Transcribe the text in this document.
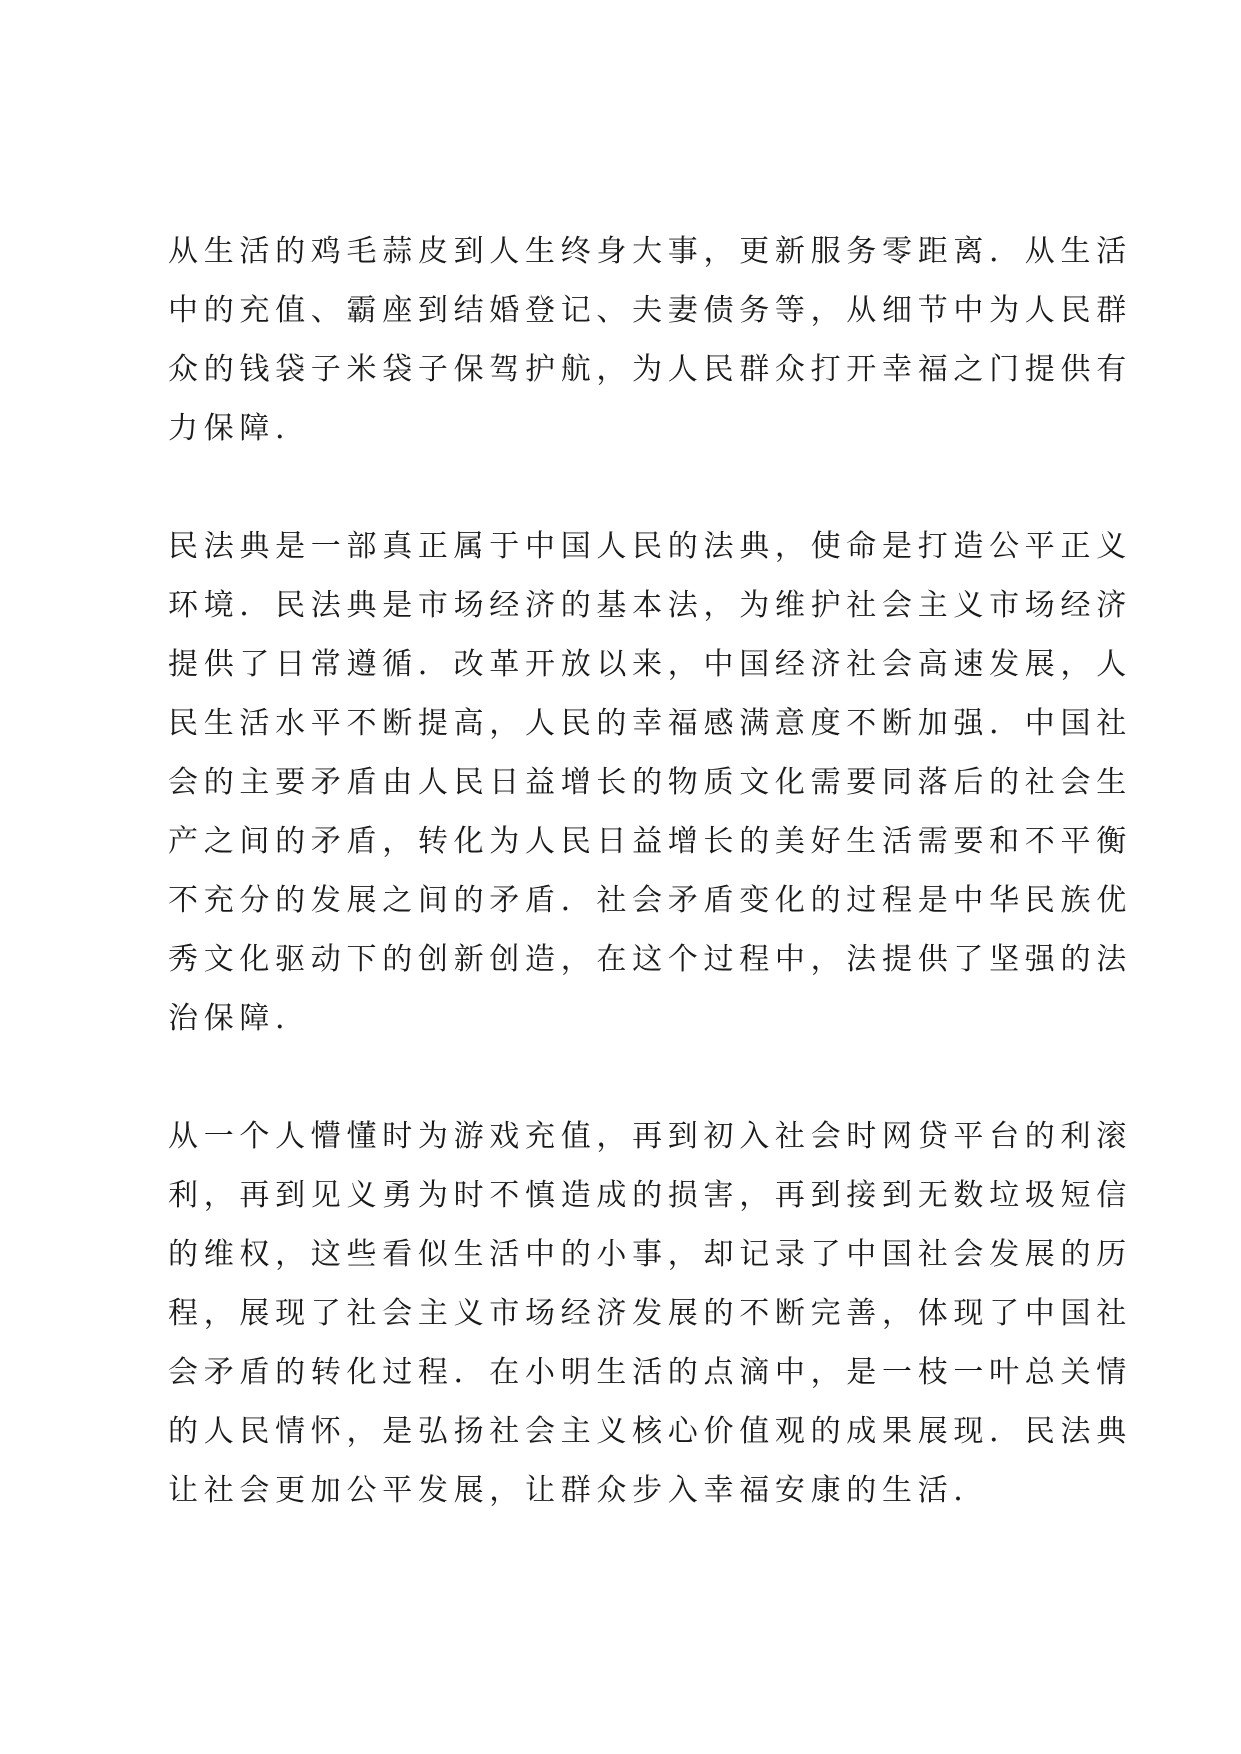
从生活的鸡毛蒜皮到人生终身大事，更新服务零距离．从生活
中的充值、霸座到结婚登记、夫妻债务等，从细节中为人民群
众的钱袋子米袋子保驾护航，为人民群众打开幸福之门提供有
力保障．

民法典是一部真正属于中国人民的法典，使命是打造公平正义
环境．民法典是市场经济的基本法，为维护社会主义市场经济
提供了日常遵循．改革开放以来，中国经济社会高速发展，人
民生活水平不断提高，人民的幸福感满意度不断加强．中国社
会的主要矛盾由人民日益增长的物质文化需要同落后的社会生
产之间的矛盾，转化为人民日益增长的美好生活需要和不平衡
不充分的发展之间的矛盾．社会矛盾变化的过程是中华民族优
秀文化驱动下的创新创造，在这个过程中，法提供了坚强的法
治保障．

从一个人懵懂时为游戏充值，再到初入社会时网贷平台的利滚
利，再到见义勇为时不慎造成的损害，再到接到无数垃圾短信
的维权，这些看似生活中的小事，却记录了中国社会发展的历
程，展现了社会主义市场经济发展的不断完善，体现了中国社
会矛盾的转化过程．在小明生活的点滴中，是一枝一叶总关情
的人民情怀，是弘扬社会主义核心价值观的成果展现．民法典
让社会更加公平发展，让群众步入幸福安康的生活．
